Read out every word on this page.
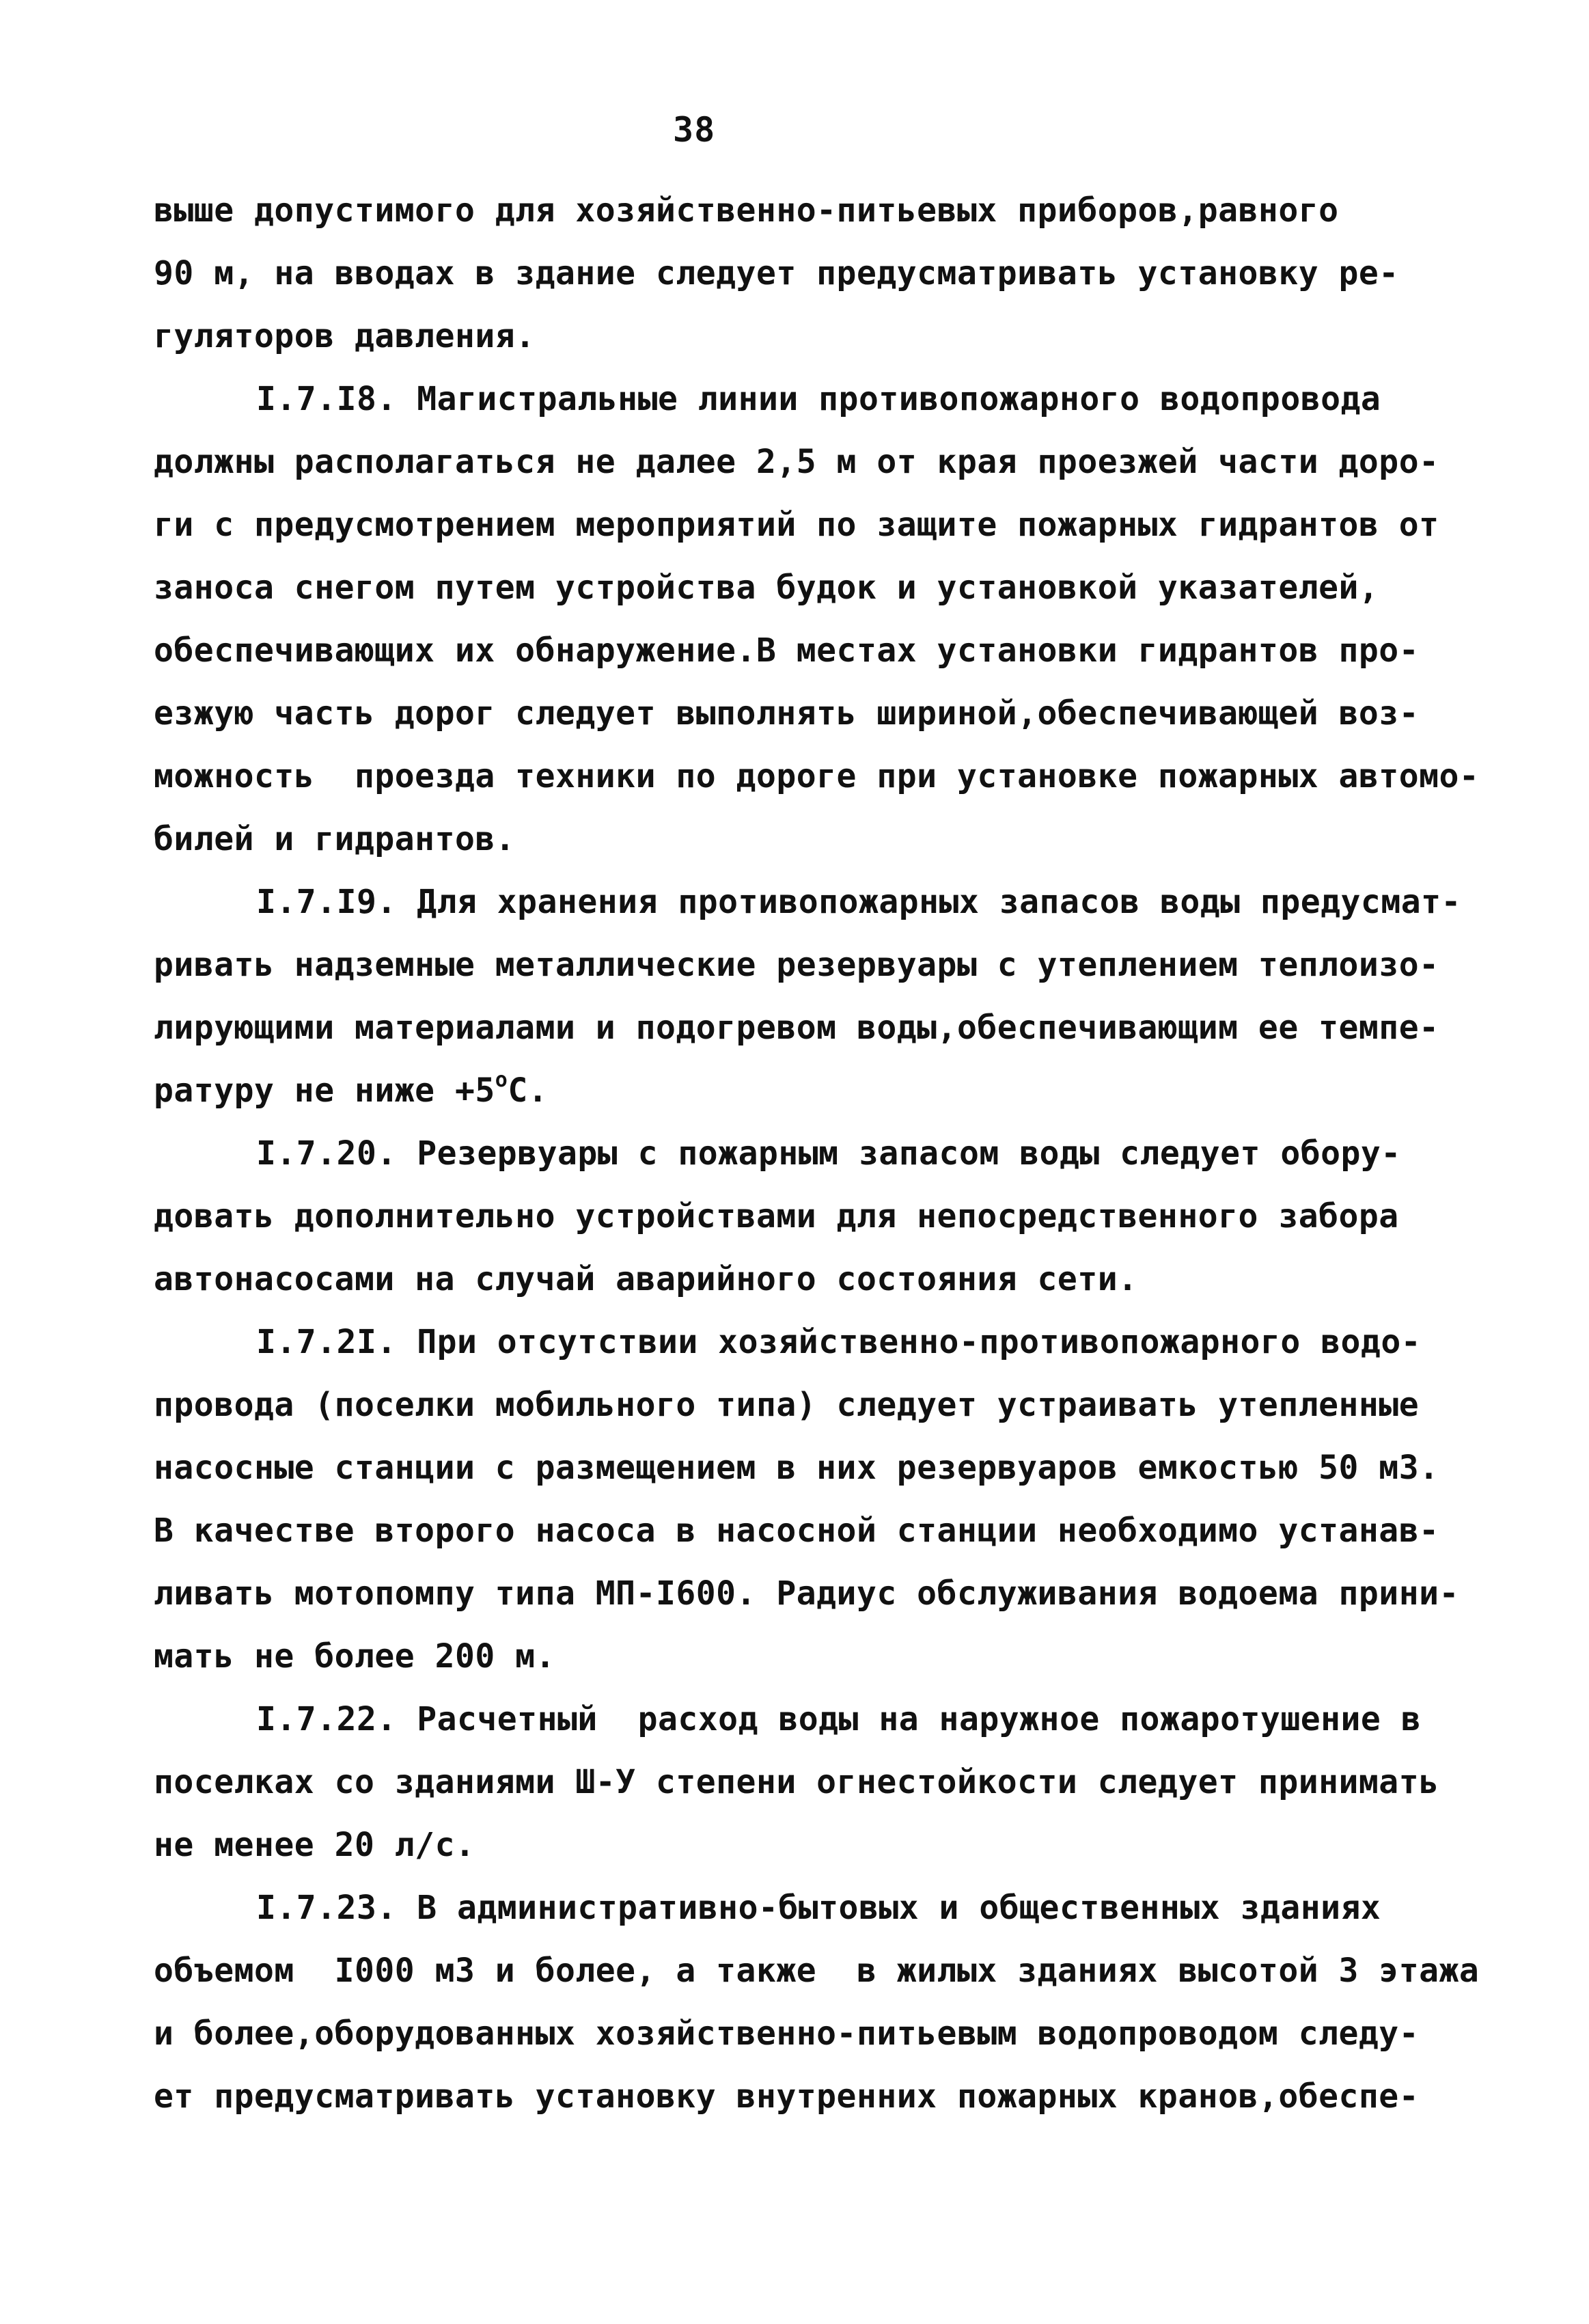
38
выше допустимого для хозяйственно-питьевых приборов,равного
90 м, на вводах в здание следует предусматривать установку ре-
гуляторов давления.
I.7.I8. Магистральные линии противопожарного водопровода
должны располагаться не далее 2,5 м от края проезжей части доро-
ги с предусмотрением мероприятий по защите пожарных гидрантов от
заноса снегом путем устройства будок и установкой указателей,
обеспечивающих их обнаружение.В местах установки гидрантов про-
езжую часть дорог следует выполнять шириной,обеспечивающей воз-
можность  проезда техники по дороге при установке пожарных автомо-
билей и гидрантов.
I.7.I9. Для хранения противопожарных запасов воды предусмат-
ривать надземные металлические резервуары с утеплением теплоизо-
лирующими материалами и подогревом воды,обеспечивающим ее темпе-
ратуру не ниже $+5^oC$.
I.7.20. Резервуары с пожарным запасом воды следует обору-
довать дополнительно устройствами для непосредственного забора
автонасосами на случай аварийного состояния сети.
I.7.2I. При отсутствии хозяйственно-противопожарного водо-
провода (поселки мобильного типа) следует устраивать утепленные
насосные станции с размещением в них резервуаров емкостью 50 м3.
В качестве второго насоса в насосной станции необходимо устанав-
ливать мотопомпу типа МП-I600. Радиус обслуживания водоема прини-
мать не более 200 м.
I.7.22. Расчетный  расход воды на наружное пожаротушение в
поселках со зданиями Ш-У степени огнестойкости следует принимать
не менее 20 л/с.
I.7.23. В административно-бытовых и общественных зданиях
объемом  I000 м3 и более, а также  в жилых зданиях высотой 3 этажа
и более,оборудованных хозяйственно-питьевым водопроводом следу-
ет предусматривать установку внутренних пожарных кранов,обеспе-
